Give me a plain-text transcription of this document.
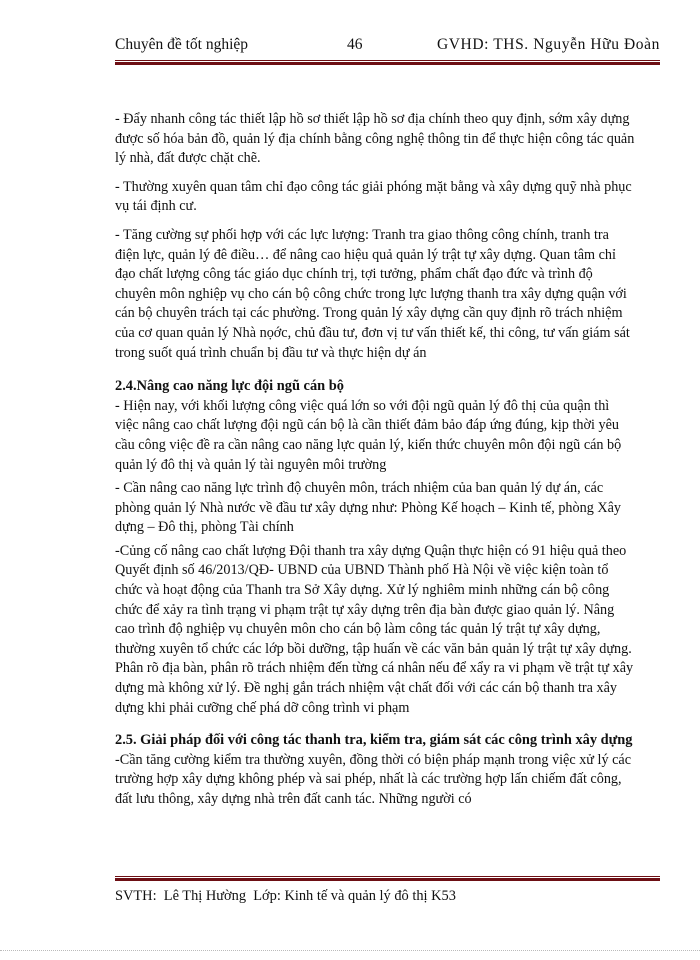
Chuyên đề tốt nghiệp	46	GVHD: THS. Nguyễn Hữu Đoàn

- Đẩy nhanh công tác thiết lập hồ sơ thiết lập hồ sơ địa chính theo quy định, sớm xây dựng được số hóa bản đồ, quản lý địa chính bằng công nghệ thông tin để thực hiện công tác quản lý nhà, đất được chặt chẽ.

- Thường xuyên quan tâm chỉ đạo công tác giải phóng mặt bằng và xây dựng quỹ nhà phục vụ tái định cư.

- Tăng cường sự phối hợp với các lực lượng: Tranh tra giao thông công chính, tranh tra điện lực, quản lý đê điều… để nâng cao hiệu quả quản lý trật tự xây dựng. Quan tâm chỉ đạo chất lượng công tác giáo dục chính trị, tợi tưởng, phẩm chất đạo đức và trình độ chuyên môn nghiệp vụ cho cán bộ công chức trong lực lượng thanh tra xây dựng quận với cán bộ chuyên trách tại các phường. Trong quản lý xây dựng cần quy định rõ trách nhiệm của cơ quan quản lý Nhà nọớc, chủ đầu tư, đơn vị tư vấn thiết kế, thi công, tư vấn giám sát trong suốt quá trình chuẩn bị đầu tư và thực hiện dự án

2.4.Nâng cao năng lực đội ngũ cán bộ

- Hiện nay, với khối lượng công việc quá lớn so với đội ngũ quản lý đô thị của quận thì việc nâng cao chất lượng đội ngũ cán bộ là cần thiết đảm bảo đáp ứng đúng, kịp thời yêu cầu công việc đề ra cần nâng cao năng lực quản lý, kiến thức chuyên môn đội ngũ cán bộ quản lý đô thị và quản lý tài nguyên môi trường

- Cần nâng cao năng lực trình độ chuyên môn, trách nhiệm của ban quản lý dự án, các phòng quản lý Nhà nước về đầu tư xây dựng như: Phòng Kế hoạch – Kinh tế, phòng Xây dựng – Đô thị, phòng Tài chính

-Củng cố nâng cao chất lượng Đội thanh tra xây dựng Quận thực hiện có 91 hiệu quả theo Quyết định số 46/2013/QĐ- UBND của UBND Thành phố Hà Nội về việc kiện toàn tổ chức và hoạt động của Thanh tra Sở Xây dựng. Xử lý nghiêm minh những cán bộ công chức để xảy ra tình trạng vi phạm trật tự xây dựng trên địa bàn được giao quản lý. Nâng cao trình độ nghiệp vụ chuyên môn cho cán bộ làm công tác quản lý trật tự xây dựng, thường xuyên tổ chức các lớp bồi dưỡng, tập huấn về các văn bản quản lý trật tự xây dựng. Phân rõ địa bàn, phân rõ trách nhiệm đến từng cá nhân nếu để xẩy ra vi phạm về trật tự xây dựng mà không xử lý. Đề nghị gắn trách nhiệm vật chất đối với các cán bộ thanh tra xây dựng khi phải cưỡng chế phá dỡ công trình vi phạm

2.5. Giải pháp đối với công tác thanh tra, kiểm tra, giám sát các công trình xây dựng

-Cần tăng cường kiểm tra thường xuyên, đồng thời có biện pháp mạnh trong việc xử lý các trường hợp xây dựng không phép và sai phép, nhất là các trường hợp lấn chiếm đất công, đất lưu thông, xây dựng nhà trên đất canh tác. Những người có

SVTH:  Lê Thị Hường  Lớp: Kinh tế và quản lý đô thị K53
